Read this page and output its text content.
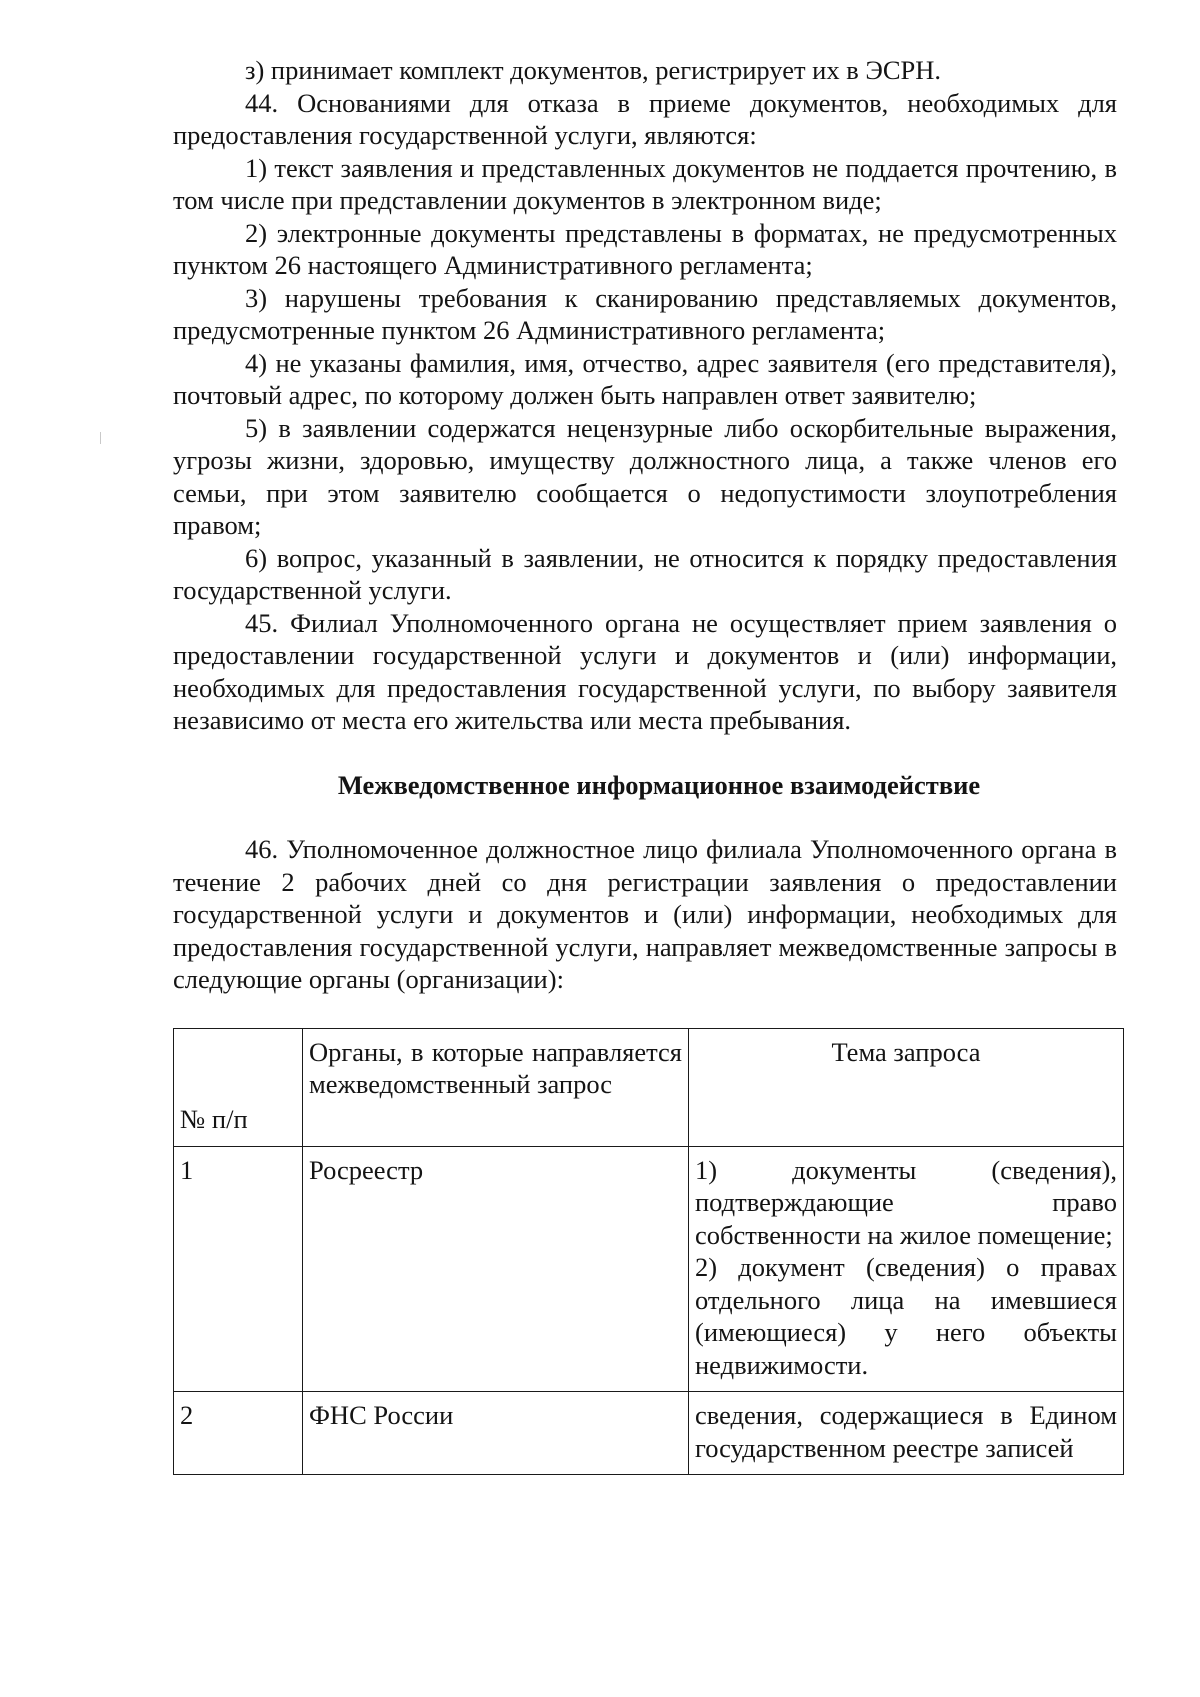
з) принимает комплект документов, регистрирует их в ЭСРН.

44. Основаниями для отказа в приеме документов, необходимых для предоставления государственной услуги, являются:

1) текст заявления и представленных документов не поддается прочтению, в том числе при представлении документов в электронном виде;

2) электронные документы представлены в форматах, не предусмотренных пунктом 26 настоящего Административного регламента;

3) нарушены требования к сканированию представляемых документов, предусмотренные пунктом 26 Административного регламента;

4) не указаны фамилия, имя, отчество, адрес заявителя (его представителя), почтовый адрес, по которому должен быть направлен ответ заявителю;

5) в заявлении содержатся нецензурные либо оскорбительные выражения, угрозы жизни, здоровью, имуществу должностного лица, а также членов его семьи, при этом заявителю сообщается о недопустимости злоупотребления правом;

6) вопрос, указанный в заявлении, не относится к порядку предоставления государственной услуги.

45. Филиал Уполномоченного органа не осуществляет прием заявления о предоставлении государственной услуги и документов и (или) информации, необходимых для предоставления государственной услуги, по выбору заявителя независимо от места его жительства или места пребывания.

Межведомственное информационное взаимодействие

46. Уполномоченное должностное лицо филиала Уполномоченного органа в течение 2 рабочих дней со дня регистрации заявления о предоставлении государственной услуги и документов и (или) информации, необходимых для предоставления государственной услуги, направляет межведомственные запросы в следующие органы (организации):

№ п/п	Органы, в которые направляется межведомственный запрос	Тема запроса
1	Росреестр	1) документы (сведения), подтверждающие право собственности на жилое помещение;
2) документ (сведения) о правах отдельного лица на имевшиеся (имеющиеся) у него объекты недвижимости.

2	ФНС России	сведения, содержащиеся в Едином государственном реестре записей
